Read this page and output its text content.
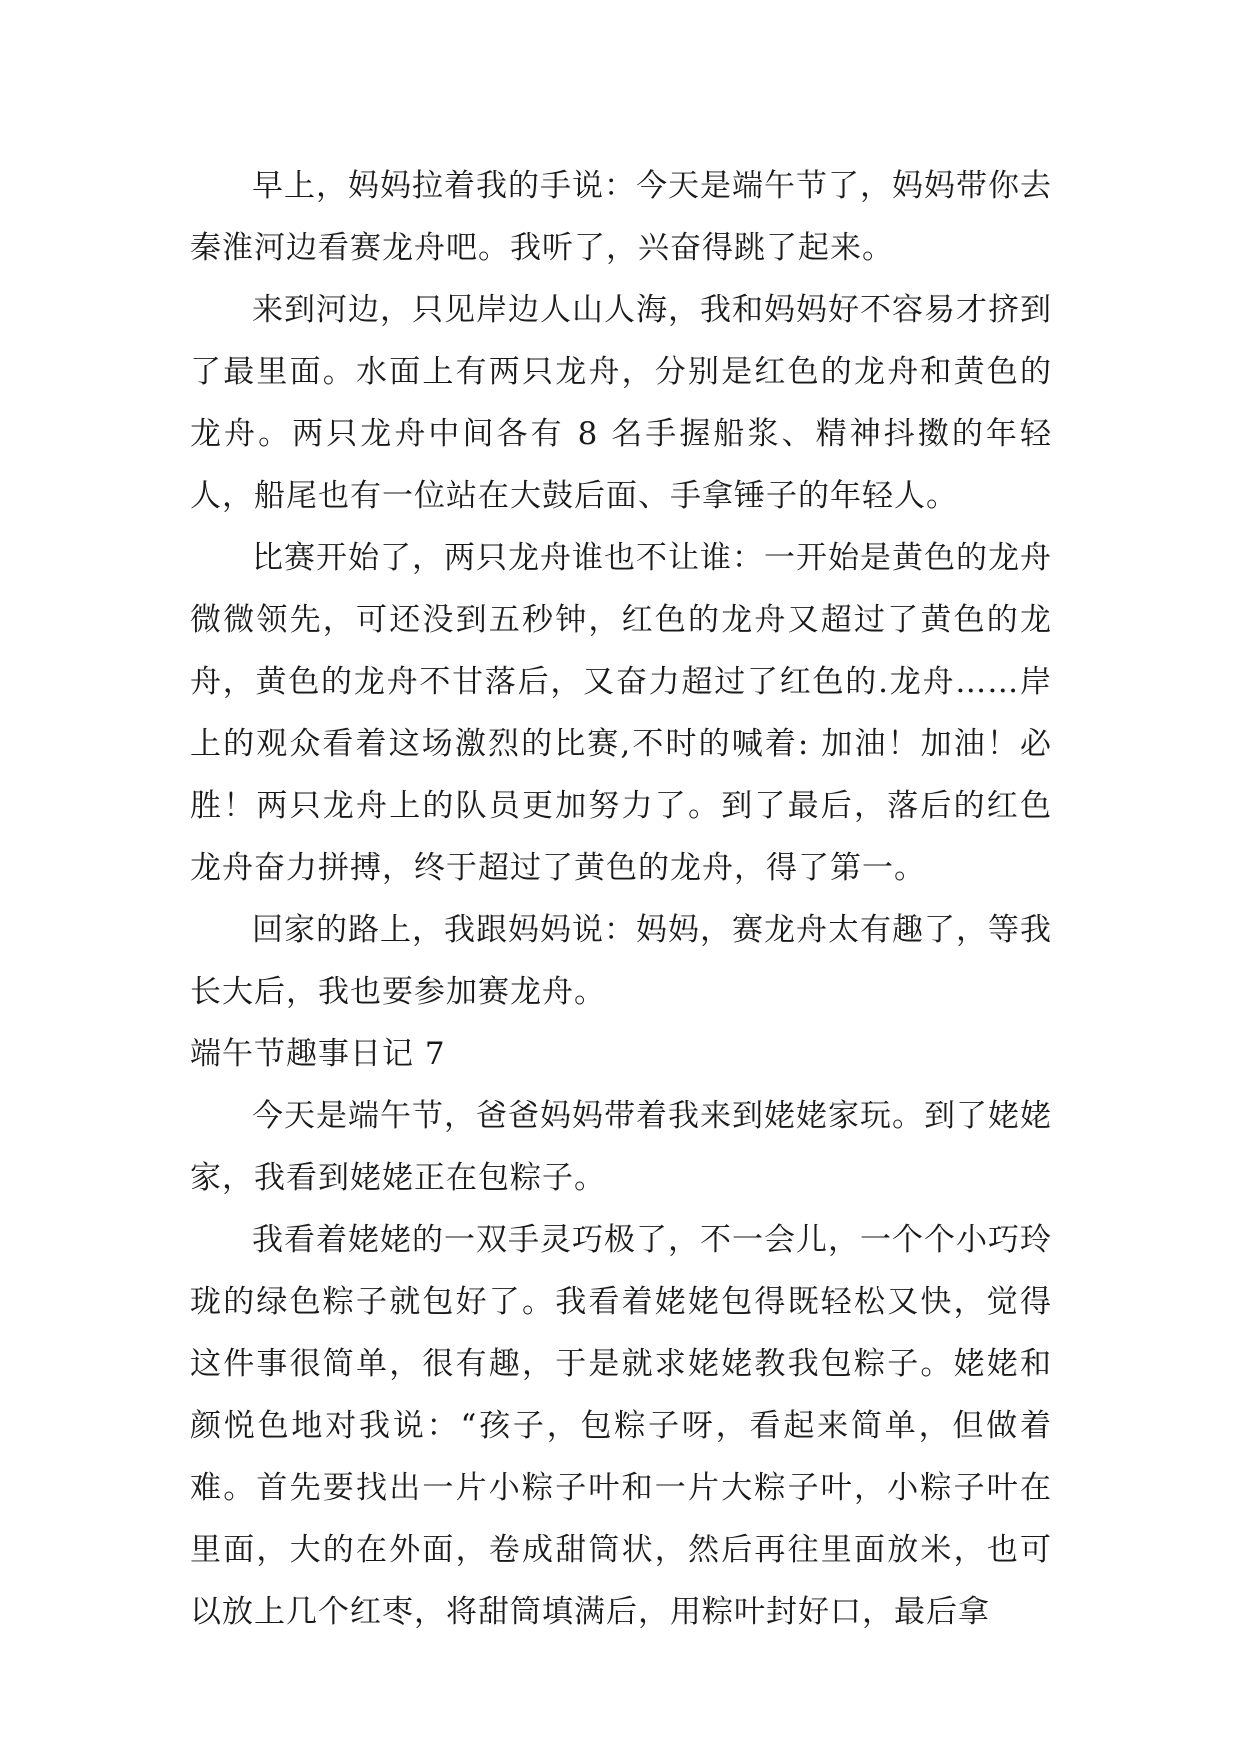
早上，妈妈拉着我的手说：今天是端午节了，妈妈带你去秦淮河边看赛龙舟吧。我听了，兴奋得跳了起来。

来到河边，只见岸边人山人海，我和妈妈好不容易才挤到了最里面。水面上有两只龙舟，分别是红色的龙舟和黄色的龙舟。两只龙舟中间各有 8 名手握船浆、精神抖擞的年轻人，船尾也有一位站在大鼓后面、手拿锤子的年轻人。

比赛开始了，两只龙舟谁也不让谁：一开始是黄色的龙舟微微领先，可还没到五秒钟，红色的龙舟又超过了黄色的龙舟，黄色的龙舟不甘落后，又奋力超过了红色的.龙舟……岸上的观众看着这场激烈的比赛,不时的喊着: 加油！加油！必胜！两只龙舟上的队员更加努力了。到了最后，落后的红色龙舟奋力拼搏，终于超过了黄色的龙舟，得了第一。

回家的路上，我跟妈妈说：妈妈，赛龙舟太有趣了，等我长大后，我也要参加赛龙舟。

端午节趣事日记 7

今天是端午节，爸爸妈妈带着我来到姥姥家玩。到了姥姥家，我看到姥姥正在包粽子。

我看着姥姥的一双手灵巧极了，不一会儿，一个个小巧玲珑的绿色粽子就包好了。我看着姥姥包得既轻松又快，觉得这件事很简单，很有趣，于是就求姥姥教我包粽子。姥姥和颜悦色地对我说：“孩子，包粽子呀，看起来简单，但做着难。首先要找出一片小粽子叶和一片大粽子叶，小粽子叶在里面，大的在外面，卷成甜筒状，然后再往里面放米，也可以放上几个红枣，将甜筒填满后，用粽叶封好口，最后拿
